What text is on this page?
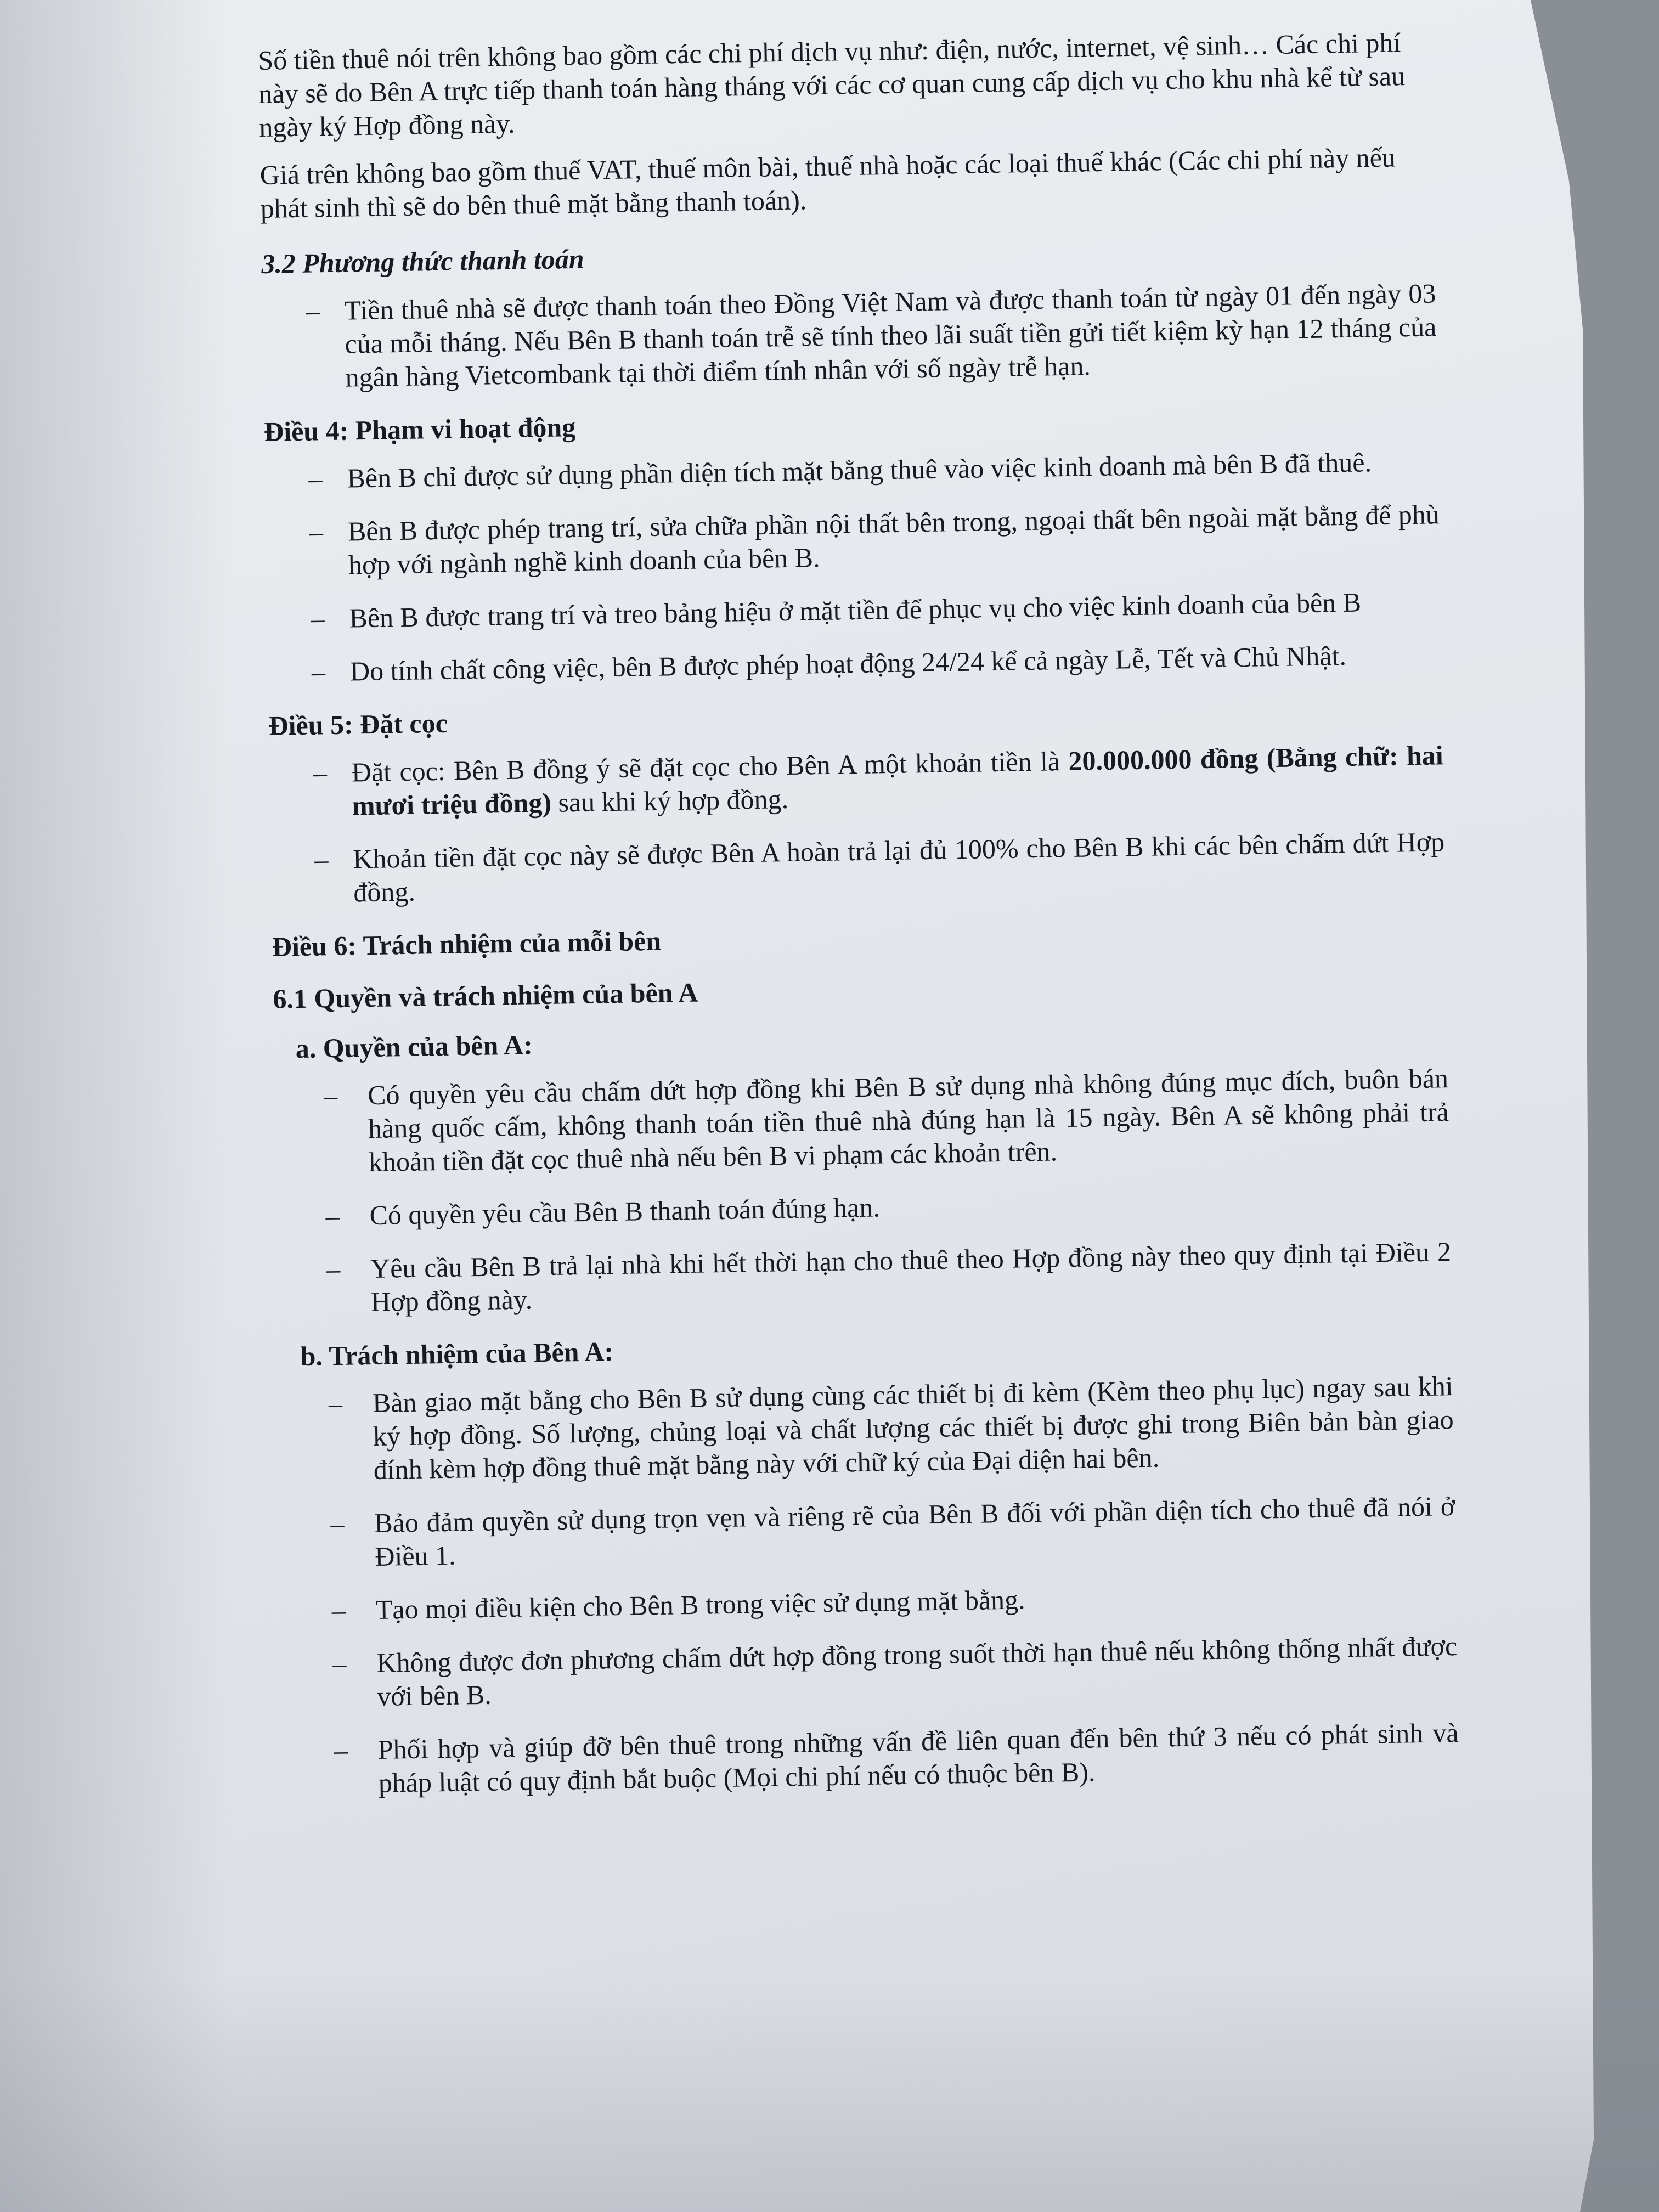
Số tiền thuê nói trên không bao gồm các chi phí dịch vụ như: điện, nước, internet, vệ sinh… Các chi phí này sẽ do Bên A trực tiếp thanh toán hàng tháng với các cơ quan cung cấp dịch vụ cho khu nhà kể từ sau ngày ký Hợp đồng này.

Giá trên không bao gồm thuế VAT, thuế môn bài, thuế nhà hoặc các loại thuế khác (Các chi phí này nếu phát sinh thì sẽ do bên thuê mặt bằng thanh toán).

3.2 Phương thức thanh toán

– Tiền thuê nhà sẽ được thanh toán theo Đồng Việt Nam và được thanh toán từ ngày 01 đến ngày 03 của mỗi tháng. Nếu Bên B thanh toán trễ sẽ tính theo lãi suất tiền gửi tiết kiệm kỳ hạn 12 tháng của ngân hàng Vietcombank tại thời điểm tính nhân với số ngày trễ hạn.

Điều 4: Phạm vi hoạt động

– Bên B chỉ được sử dụng phần diện tích mặt bằng thuê vào việc kinh doanh mà bên B đã thuê.

– Bên B được phép trang trí, sửa chữa phần nội thất bên trong, ngoại thất bên ngoài mặt bằng để phù hợp với ngành nghề kinh doanh của bên B.

– Bên B được trang trí và treo bảng hiệu ở mặt tiền để phục vụ cho việc kinh doanh của bên B

– Do tính chất công việc, bên B được phép hoạt động 24/24 kể cả ngày Lễ, Tết và Chủ Nhật.

Điều 5: Đặt cọc

– Đặt cọc: Bên B đồng ý sẽ đặt cọc cho Bên A một khoản tiền là 20.000.000 đồng (Bằng chữ: hai mươi triệu đồng) sau khi ký hợp đồng.

– Khoản tiền đặt cọc này sẽ được Bên A hoàn trả lại đủ 100% cho Bên B khi các bên chấm dứt Hợp đồng.

Điều 6: Trách nhiệm của mỗi bên

6.1 Quyền và trách nhiệm của bên A

a. Quyền của bên A:

– Có quyền yêu cầu chấm dứt hợp đồng khi Bên B sử dụng nhà không đúng mục đích, buôn bán hàng quốc cấm, không thanh toán tiền thuê nhà đúng hạn là 15 ngày. Bên A sẽ không phải trả khoản tiền đặt cọc thuê nhà nếu bên B vi phạm các khoản trên.

– Có quyền yêu cầu Bên B thanh toán đúng hạn.

– Yêu cầu Bên B trả lại nhà khi hết thời hạn cho thuê theo Hợp đồng này theo quy định tại Điều 2 Hợp đồng này.

b. Trách nhiệm của Bên A:

– Bàn giao mặt bằng cho Bên B sử dụng cùng các thiết bị đi kèm (Kèm theo phụ lục) ngay sau khi ký hợp đồng. Số lượng, chủng loại và chất lượng các thiết bị được ghi trong Biên bản bàn giao đính kèm hợp đồng thuê mặt bằng này với chữ ký của Đại diện hai bên.

– Bảo đảm quyền sử dụng trọn vẹn và riêng rẽ của Bên B đối với phần diện tích cho thuê đã nói ở Điều 1.

– Tạo mọi điều kiện cho Bên B trong việc sử dụng mặt bằng.

– Không được đơn phương chấm dứt hợp đồng trong suốt thời hạn thuê nếu không thống nhất được với bên B.

– Phối hợp và giúp đỡ bên thuê trong những vấn đề liên quan đến bên thứ 3 nếu có phát sinh và pháp luật có quy định bắt buộc (Mọi chi phí nếu có thuộc bên B).
